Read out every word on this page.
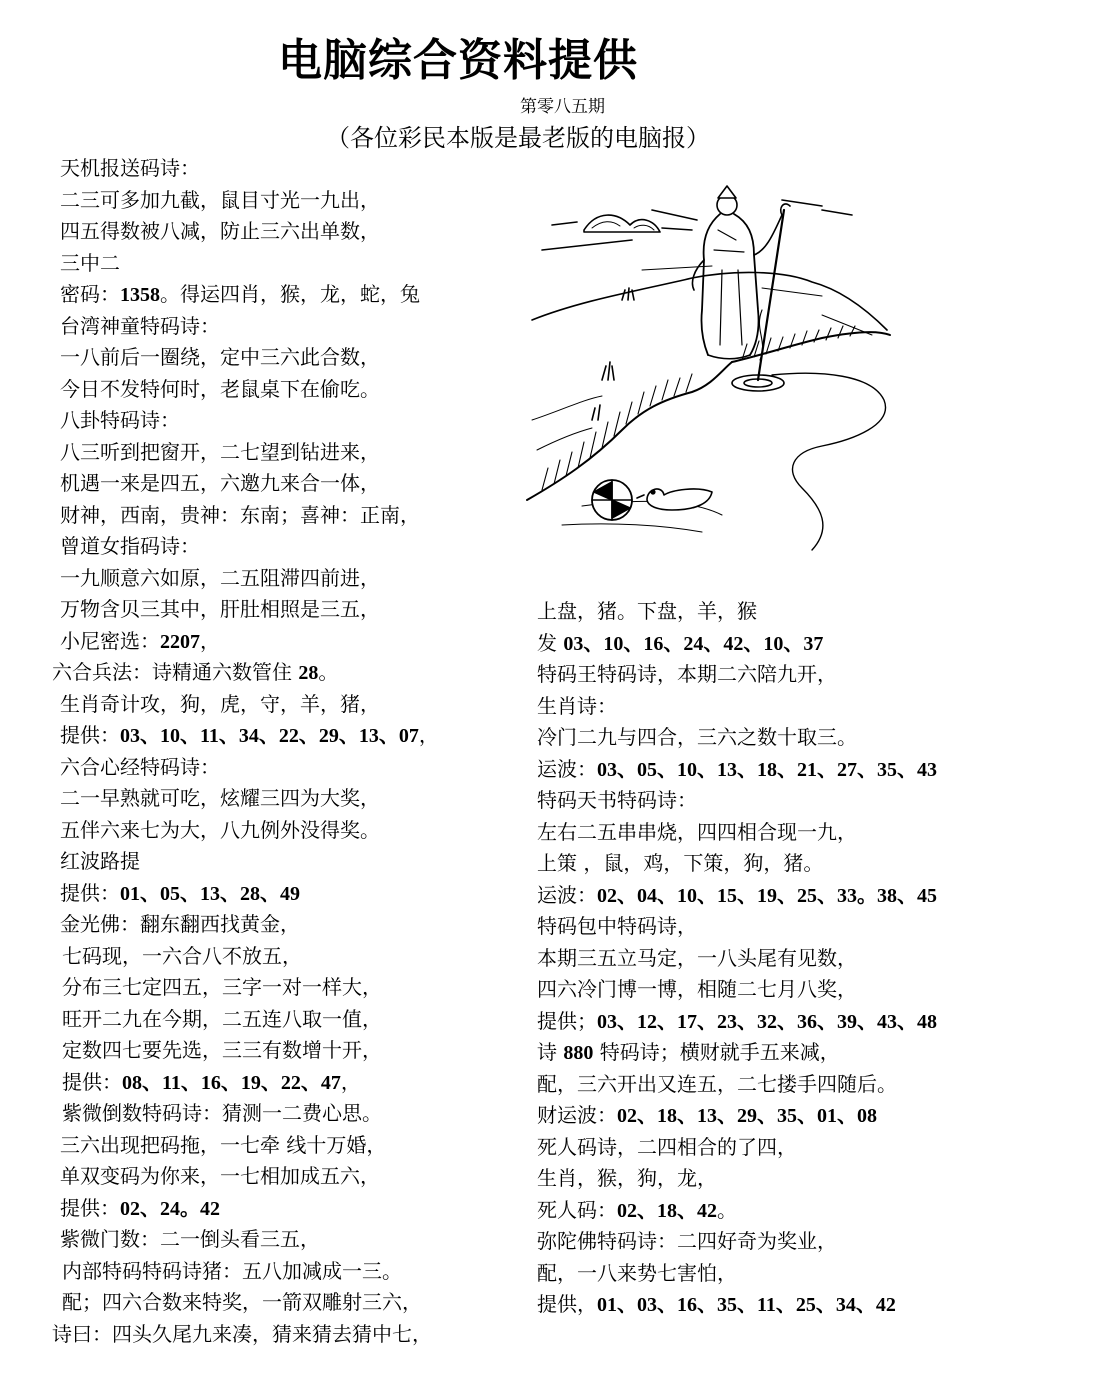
电脑综合资料提供
第零八五期
（各位彩民本版是最老版的电脑报）
天机报送码诗：
二三可多加九截，鼠目寸光一九出，
四五得数被八减，防止三六出单数，
三中二
密码：1358。得运四肖，猴，龙，蛇，兔
台湾神童特码诗：
一八前后一圈绕，定中三六此合数，
今日不发特何时，老鼠桌下在偷吃。
八卦特码诗：
八三听到把窗开，二七望到钻进来，
机遇一来是四五，六邀九来合一体，
财神，西南，贵神：东南；喜神：正南，
曾道女指码诗：
一九顺意六如原，二五阻滞四前进，
万物含贝三其中，肝肚相照是三五，
小尼密选：2207，
六合兵法：诗精通六数管住 28。
生肖奇计攻，狗，虎，守，羊，猪，
提供：03、10、11、34、22、29、13、07，
六合心经特码诗：
二一早熟就可吃，炫耀三四为大奖，
五伴六来七为大，八九例外没得奖。
红波路提
提供：01、05、13、28、49
金光佛：翻东翻西找黄金，
七码现，一六合八不放五，
分布三七定四五，三字一对一样大，
旺开二九在今期，二五连八取一值，
定数四七要先选，三三有数增十开，
提供：08、11、16、19、22、47，
紫微倒数特码诗：猜测一二费心思。
三六出现把码拖，一七牵 线十万婚，
单双变码为你来，一七相加成五六，
提供：02、24。42
紫微门数：二一倒头看三五，
内部特码特码诗猪：五八加减成一三。
配；四六合数来特奖，一箭双雕射三六，
诗曰：四头久尾九来凑，猜来猜去猜中七，
上盘，猪。下盘，羊，猴
发 03、10、16、24、42、10、37
特码王特码诗，本期二六陪九开，
生肖诗：
冷门二九与四合，三六之数十取三。
运波：03、05、10、13、18、21、27、35、43
特码天书特码诗：
左右二五串串烧，四四相合现一九，
上策 ，鼠，鸡，下策，狗，猪。
运波：02、04、10、15、19、25、33。38、45
特码包中特码诗，
本期三五立马定，一八头尾有见数，
四六冷门博一博，相随二七月八奖，
提供；03、12、17、23、32、36、39、43、48
诗 880 特码诗；横财就手五来减，
配，三六开出又连五，二七搂手四随后。
财运波：02、18、13、29、35、01、08
死人码诗，二四相合的了四，
生肖，猴，狗，龙，
死人码：02、18、42。
弥陀佛特码诗：二四好奇为奖业，
配，一八来势七害怕，
提供，01、03、16、35、11、25、34、42
